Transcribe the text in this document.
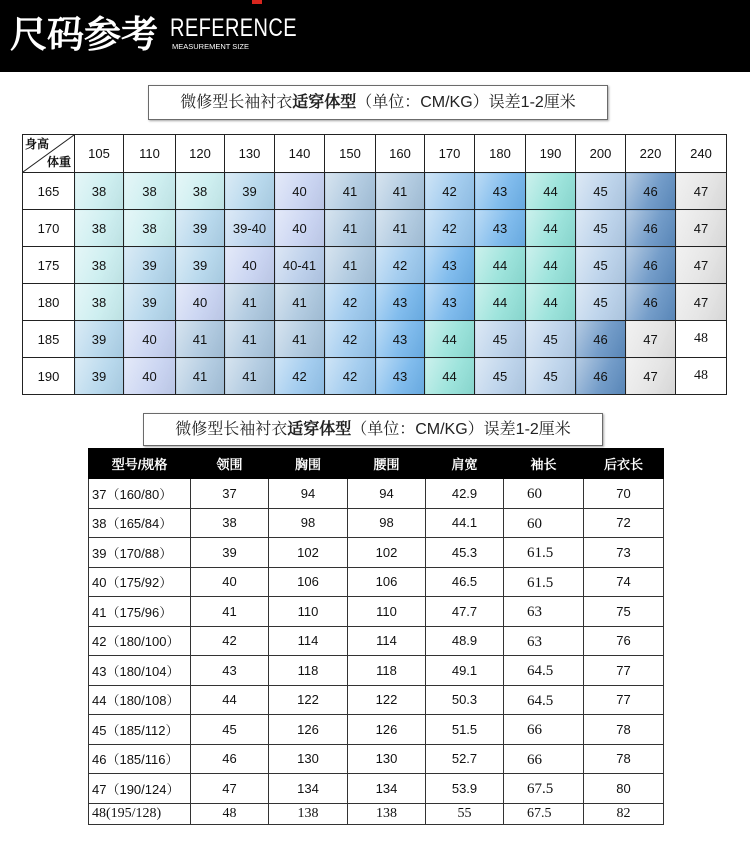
尺码参考 REFERENCE
MEASUREMENT SIZE
微修型长袖衬衣适穿体型（单位：CM/KG）误差1-2厘米
身高
体重	105	110	120	130	140	150	160	170	180	190	200	220	240
165	38	38	38	39	40	41	41	42	43	44	45	46	47
170	38	38	39	39-40	40	41	41	42	43	44	45	46	47
175	38	39	39	40	40-41	41	42	43	44	44	45	46	47
180	38	39	40	41	41	42	43	43	44	44	45	46	47
185	39	40	41	41	41	42	43	44	45	45	46	47	48
190	39	40	41	41	42	42	43	44	45	45	46	47	48
微修型长袖衬衣适穿体型（单位：CM/KG）误差1-2厘米
型号/规格	领围	胸围	腰围	肩宽	袖长	后衣长
37（160/80）	37	94	94	42.9	60	70
38（165/84）	38	98	98	44.1	60	72
39（170/88）	39	102	102	45.3	61.5	73
40（175/92）	40	106	106	46.5	61.5	74
41（175/96）	41	110	110	47.7	63	75
42（180/100）	42	114	114	48.9	63	76
43（180/104）	43	118	118	49.1	64.5	77
44（180/108）	44	122	122	50.3	64.5	77
45（185/112）	45	126	126	51.5	66	78
46（185/116）	46	130	130	52.7	66	78
47（190/124）	47	134	134	53.9	67.5	80
48(195/128)	48	138	138	55	67.5	82
